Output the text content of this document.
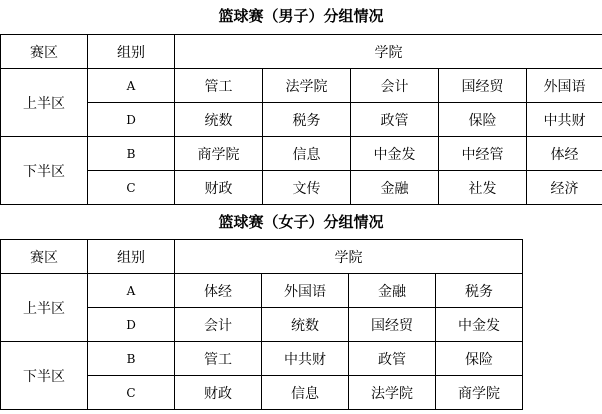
篮球赛（男子）分组情况
赛区	组别	学院				
上半区	A	管工	法学院	会计	国经贸	外国语
	D	统数	税务	政管	保险	中共财
下半区	B	商学院	信息	中金发	中经管	体经
	C	财政	文传	金融	社发	经济
篮球赛（女子）分组情况
赛区	组别	学院			
上半区	A	体经	外国语	金融	税务
	D	会计	统数	国经贸	中金发
下半区	B	管工	中共财	政管	保险
	C	财政	信息	法学院	商学院
